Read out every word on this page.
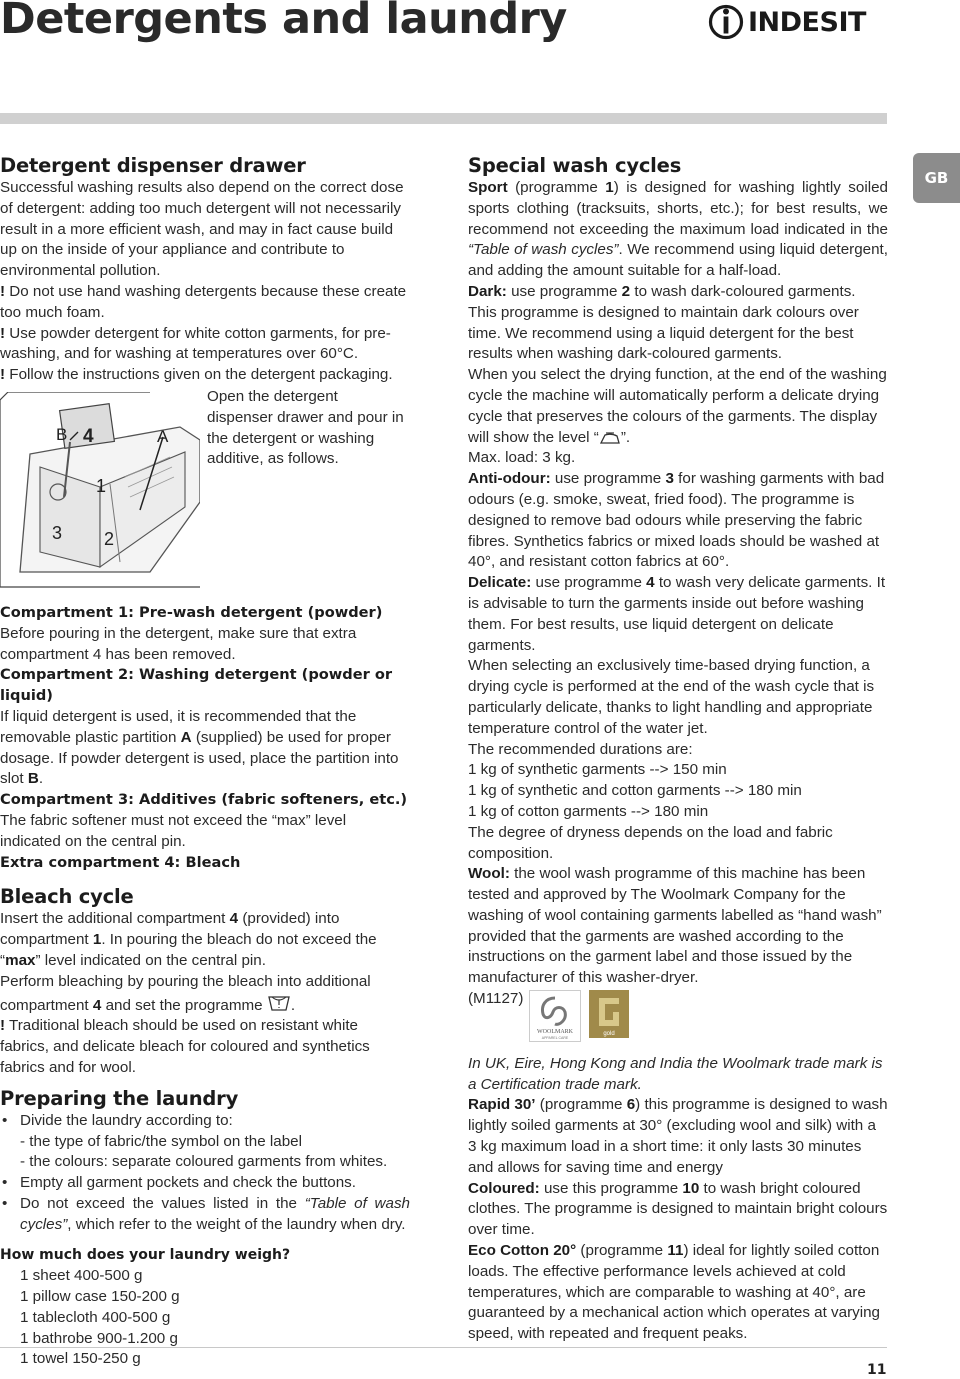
Detergents and laundry	INDESIT
GB
Detergent dispenser drawer

Successful washing results also depend on the correct dose of detergent: adding too much detergent will not necessarily result in a more efficient wash, and may in fact cause build up on the inside of your appliance and contribute to environmental pollution.

! Do not use hand washing detergents because these create too much foam.

! Use powder detergent for white cotton garments, for pre-washing, and for washing at temperatures over 60°C.

! Follow the instructions given on the detergent packaging.

B 4	A
1
3 2

Open the detergent dispenser drawer and pour in the detergent or washing additive, as follows.

Compartment 1: Pre-wash detergent (powder)

Before pouring in the detergent, make sure that extra compartment 4 has been removed.

Compartment 2: Washing detergent (powder or liquid)

If liquid detergent is used, it is recommended that the removable plastic partition A (supplied) be used for proper dosage. If powder detergent is used, place the partition into slot B.

Compartment 3: Additives (fabric softeners, etc.)

The fabric softener must not exceed the “max” level indicated on the central pin.

Extra compartment 4: Bleach

Bleach cycle

Insert the additional compartment 4 (provided) into compartment 1. In pouring the bleach do not exceed the “max” level indicated on the central pin.

Perform bleaching by pouring the bleach into additional compartment 4 and set the programme .

! Traditional bleach should be used on resistant white fabrics, and delicate bleach for coloured and synthetics fabrics and for wool.

Preparing the laundry
• Divide the laundry according to:

- the type of fabric/the symbol on the label

- the colours: separate coloured garments from whites.

• Empty all garment pockets and check the buttons.
• Do not exceed the values listed in the “Table of wash cycles”, which refer to the weight of the laundry when dry.

How much does your laundry weigh?

1 sheet 400-500 g

1 pillow case 150-200 g

1 tablecloth 400-500 g

1 bathrobe 900-1.200 g

1 towel 150-250 g

Special wash cycles

Sport (programme 1) is designed for washing lightly soiled sports clothing (tracksuits, shorts, etc.); for best results, we recommend not exceeding the maximum load indicated in the “Table of wash cycles”. We recommend using liquid detergent, and adding the amount suitable for a half-load.

Dark: use programme 2 to wash dark-coloured garments. This programme is designed to maintain dark colours over time. We recommend using a liquid detergent for the best results when washing dark-coloured garments.

When you select the drying function, at the end of the washing cycle the machine will automatically perform a delicate drying cycle that preserves the colours of the garments. The display will show the level “ ”.

Max. load: 3 kg.

Anti-odour: use programme 3 for washing garments with bad odours (e.g. smoke, sweat, fried food). The programme is designed to remove bad odours while preserving the fabric fibres. Synthetics fabrics or mixed loads should be washed at 40°, and resistant cotton fabrics at 60°.

Delicate: use programme 4 to wash very delicate garments. It is advisable to turn the garments inside out before washing them. For best results, use liquid detergent on delicate garments.

When selecting an exclusively time-based drying function, a drying cycle is performed at the end of the wash cycle that is particularly delicate, thanks to light handling and appropriate temperature control of the water jet.

The recommended durations are:

1 kg of synthetic garments --> 150 min

1 kg of synthetic and cotton garments --> 180 min

1 kg of cotton garments --> 180 min

The degree of dryness depends on the load and fabric composition.

Wool: the wool wash programme of this machine has been tested and approved by The Woolmark Company for the washing of wool containing garments labelled as “hand wash” provided that the garments are washed according to the instructions on the garment label and those issued by the manufacturer of this washer-dryer.

(M1127)

WOOLMARK
APPAREL CARE
gold

In UK, Eire, Hong Kong and India the Woolmark trade mark is a Certification trade mark.

Rapid 30’ (programme 6) this programme is designed to wash lightly soiled garments at 30° (excluding wool and silk) with a 3 kg maximum load in a short time: it only lasts 30 minutes and allows for saving time and energy

Coloured: use this programme 10 to wash bright coloured clothes. The programme is designed to maintain bright colours over time.

Eco Cotton 20° (programme 11) ideal for lightly soiled cotton loads. The effective performance levels achieved at cold temperatures, which are comparable to washing at 40°, are guaranteed by a mechanical action which operates at varying speed, with repeated and frequent peaks.

11
